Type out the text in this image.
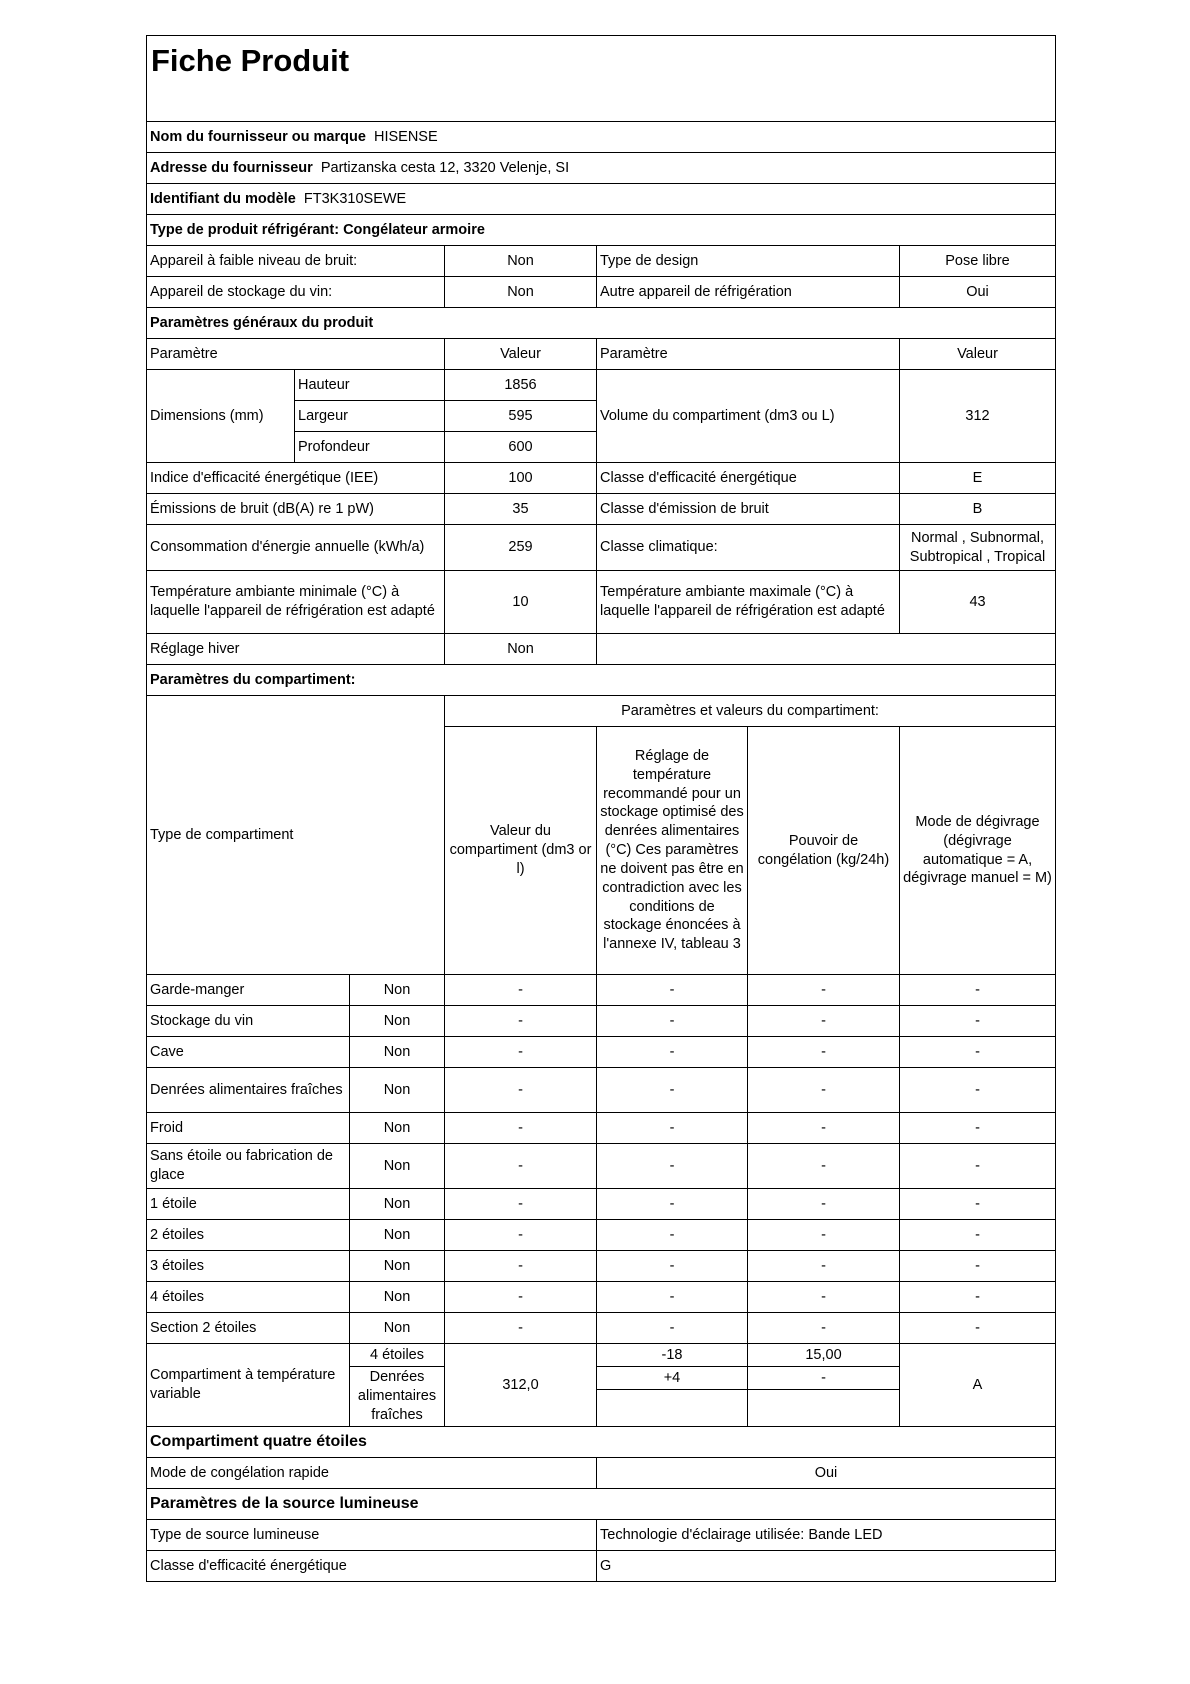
Fiche Produit						
Nom du fournisseur ou marque HISENSE						
Adresse du fournisseur Partizanska cesta 12, 3320 Velenje, SI						
Identifiant du modèle FT3K310SEWE						
Type de produit réfrigérant: Congélateur armoire						
Appareil à faible niveau de bruit:			Non	Type de design		Pose libre
Appareil de stockage du vin:			Non	Autre appareil de réfrigération		Oui
Paramètres généraux du produit						
Paramètre			Valeur	Paramètre		Valeur
Dimensions (mm)	Hauteur		1856	Volume du compartiment (dm3 ou L)		312
	Largeur		595			
	Profondeur		600			
Indice d'efficacité énergétique (IEE)			100	Classe d'efficacité énergétique		E
Émissions de bruit (dB(A) re 1 pW)			35	Classe d'émission de bruit		B
Consommation d'énergie annuelle (kWh/a)			259	Classe climatique:		Normal , Subnormal, Subtropical , Tropical
Température ambiante minimale (°C) à laquelle l'appareil de réfrigération est adapté			10	Température ambiante maximale (°C) à laquelle l'appareil de réfrigération est adapté		43
Réglage hiver			Non			
Paramètres du compartiment:						
Type de compartiment			Paramètres et valeurs du compartiment:			
			Valeur du compartiment (dm3 or l)	Réglage de température recommandé pour un stockage optimisé des denrées alimentaires (°C) Ces paramètres ne doivent pas être en contradiction avec les conditions de stockage énoncées à l'annexe IV, tableau 3	Pouvoir de congélation (kg/24h)	Mode de dégivrage (dégivrage automatique = A, dégivrage manuel = M)
Garde-manger		Non	-	-	-	-
Stockage du vin		Non	-	-	-	-
Cave		Non	-	-	-	-
Denrées alimentaires fraîches		Non	-	-	-	-
Froid		Non	-	-	-	-
Sans étoile ou fabrication de glace		Non	-	-	-	-
1 étoile		Non	-	-	-	-
2 étoiles		Non	-	-	-	-
3 étoiles		Non	-	-	-	-
4 étoiles		Non	-	-	-	-
Section 2 étoiles		Non	-	-	-	-
Compartiment à température variable		4 étoiles	312,0	-18	15,00	A
		Denrées alimentaires fraîches		+4	-	

Compartiment quatre étoiles						
Mode de congélation rapide				Oui		
Paramètres de la source lumineuse						
Type de source lumineuse				Technologie d'éclairage utilisée: Bande LED		
Classe d'efficacité énergétique				G		
